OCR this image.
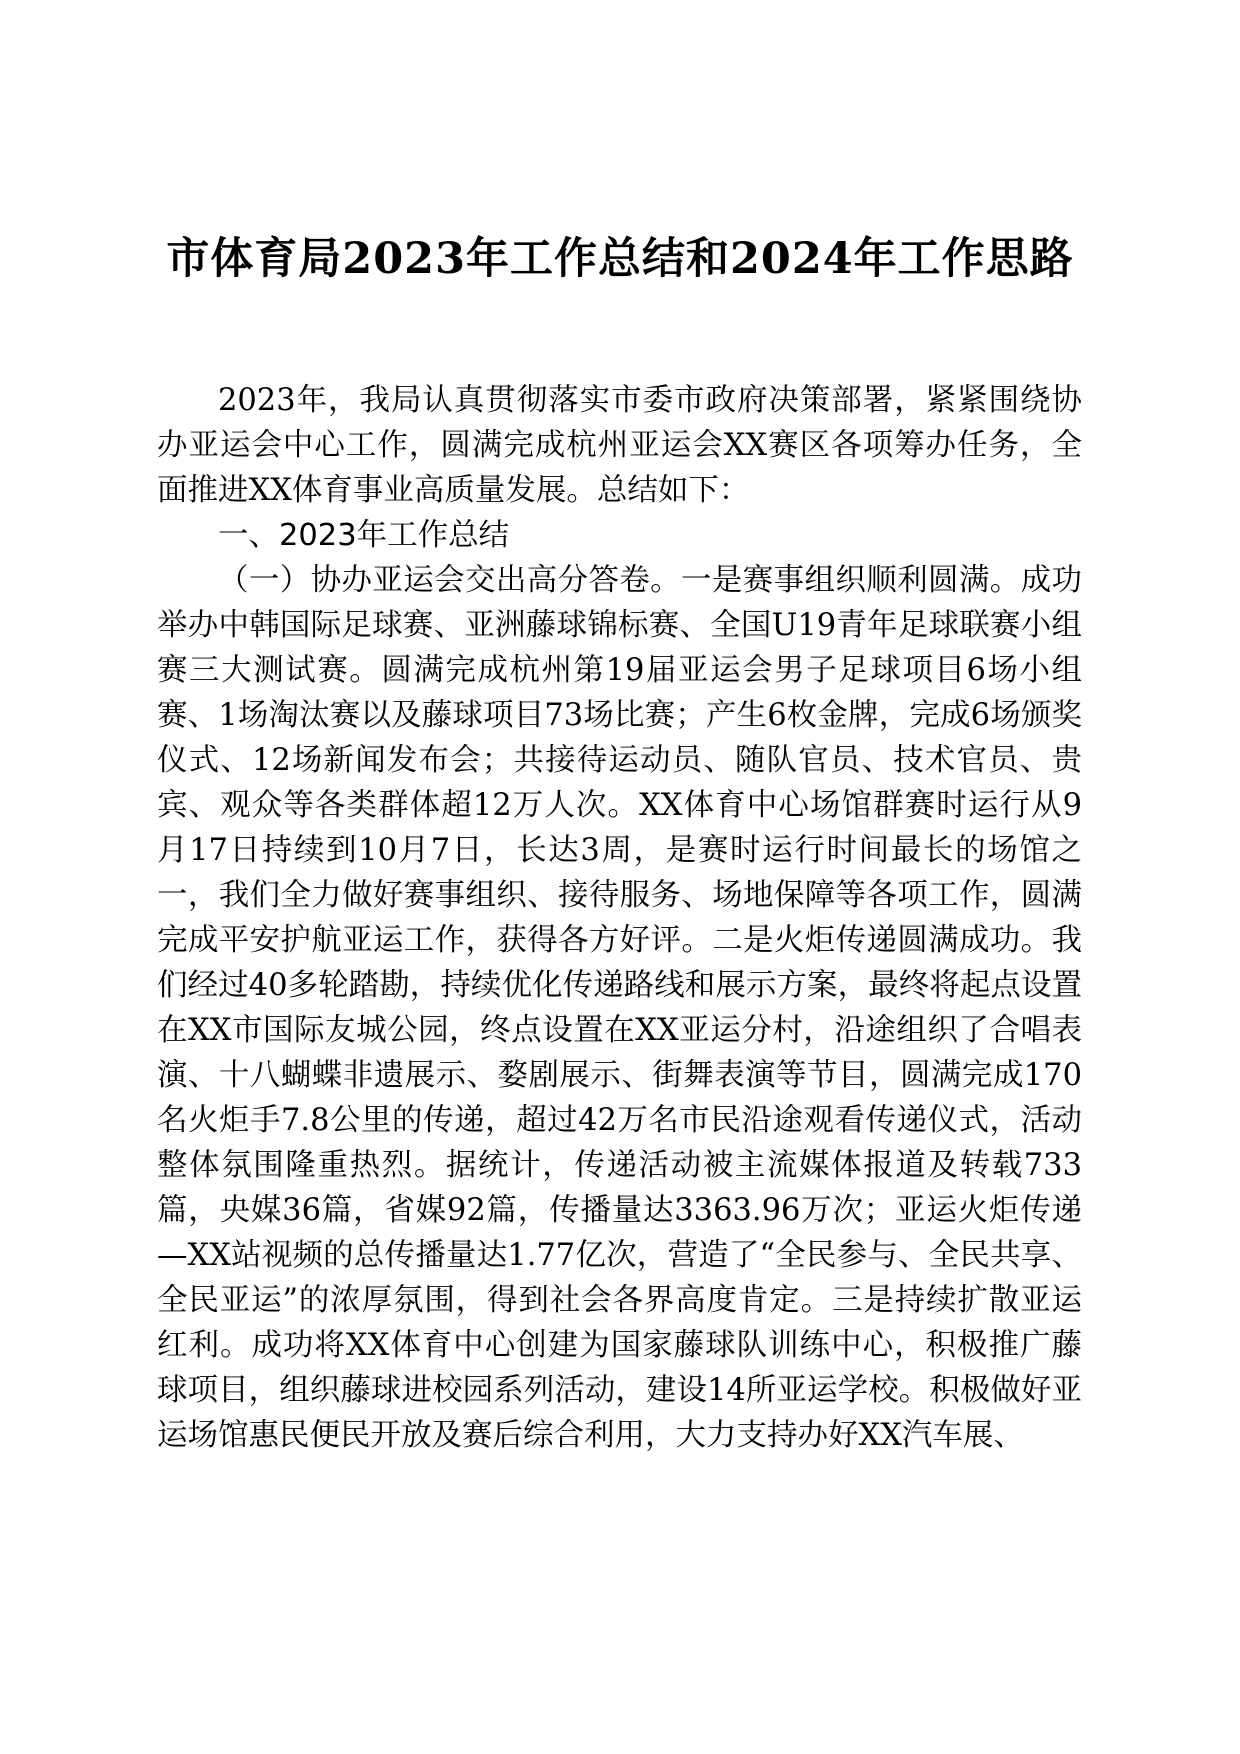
市体育局2023年工作总结和2024年工作思路

2023年，我局认真贯彻落实市委市政府决策部署，紧紧围绕协办亚运会中心工作，圆满完成杭州亚运会XX赛区各项筹办任务，全面推进XX体育事业高质量发展。总结如下：

一、2023年工作总结

（一）协办亚运会交出高分答卷。一是赛事组织顺利圆满。成功举办中韩国际足球赛、亚洲藤球锦标赛、全国U19青年足球联赛小组赛三大测试赛。圆满完成杭州第19届亚运会男子足球项目6场小组赛、1场淘汰赛以及藤球项目73场比赛；产生6枚金牌，完成6场颁奖仪式、12场新闻发布会；共接待运动员、随队官员、技术官员、贵宾、观众等各类群体超12万人次。XX体育中心场馆群赛时运行从9月17日持续到10月7日，长达3周，是赛时运行时间最长的场馆之一，我们全力做好赛事组织、接待服务、场地保障等各项工作，圆满完成平安护航亚运工作，获得各方好评。二是火炬传递圆满成功。我们经过40多轮踏勘，持续优化传递路线和展示方案，最终将起点设置在XX市国际友城公园，终点设置在XX亚运分村，沿途组织了合唱表演、十八蝴蝶非遗展示、婺剧展示、街舞表演等节目，圆满完成170名火炬手7.8公里的传递，超过42万名市民沿途观看传递仪式，活动整体氛围隆重热烈。据统计，传递活动被主流媒体报道及转载733篇，央媒36篇，省媒92篇，传播量达3363.96万次；亚运火炬传递—XX站视频的总传播量达1.77亿次，营造了“全民参与、全民共享、全民亚运”的浓厚氛围，得到社会各界高度肯定。三是持续扩散亚运红利。成功将XX体育中心创建为国家藤球队训练中心，积极推广藤球项目，组织藤球进校园系列活动，建设14所亚运学校。积极做好亚运场馆惠民便民开放及赛后综合利用，大力支持办好XX汽车展、
